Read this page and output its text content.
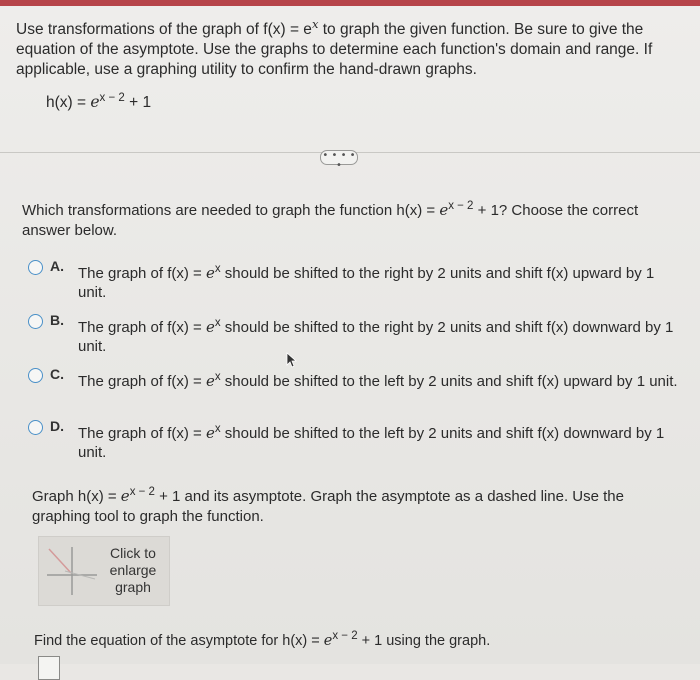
Use transformations of the graph of $f(x) = e^x$ to graph the given function. Be sure to give the equation of the asymptote. Use the graphs to determine each function's domain and range. If applicable, use a graphing utility to confirm the hand-drawn graphs.
$h(x) = e^{x - 2} + 1$
• • • • •
Which transformations are needed to graph the function $h(x) = e^{x - 2} + 1$? Choose the correct answer below.
A. The graph of $f(x) = e^x$ should be shifted to the right by 2 units and shift f(x) upward by 1 unit.
B. The graph of $f(x) = e^x$ should be shifted to the right by 2 units and shift f(x) downward by 1 unit.
C. The graph of $f(x) = e^x$ should be shifted to the left by 2 units and shift f(x) upward by 1 unit.
D. The graph of $f(x) = e^x$ should be shifted to the left by 2 units and shift f(x) downward by 1 unit.
Graph $h(x) = e^{x - 2} + 1$ and its asymptote. Graph the asymptote as a dashed line. Use the graphing tool to graph the function.
Click to
enlarge
graph
Find the equation of the asymptote for $h(x) = e^{x - 2} + 1$ using the graph.
